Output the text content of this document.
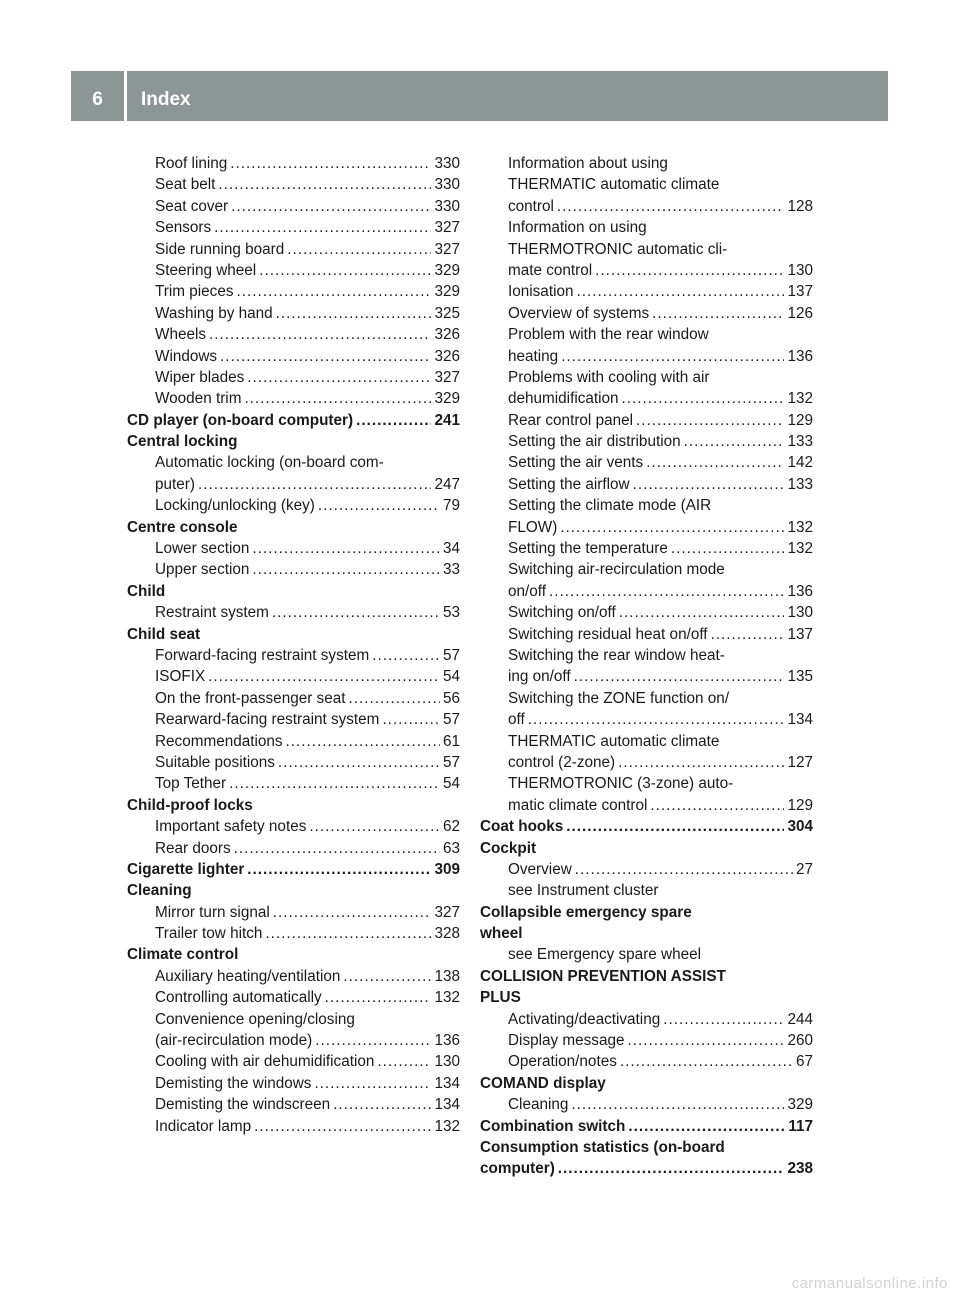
6	Index
Roof lining .....	330
Seat belt .....	330
Seat cover .....	330
Sensors .....	327
Side running board .....	327
Steering wheel .....	329
Trim pieces .....	329
Washing by hand .....	325
Wheels .....	326
Windows .....	326
Wiper blades .....	327
Wooden trim .....	329
CD player (on-board computer) .....	241
Central locking
Automatic locking (on-board com-
puter) .....	247
Locking/unlocking (key) .....	79
Centre console
Lower section .....	34
Upper section .....	33
Child
Restraint system .....	53
Child seat
Forward-facing restraint system .....	57
ISOFIX .....	54
On the front-passenger seat .....	56
Rearward-facing restraint system .....	57
Recommendations .....	61
Suitable positions .....	57
Top Tether .....	54
Child-proof locks
Important safety notes .....	62
Rear doors .....	63
Cigarette lighter .....	309
Cleaning
Mirror turn signal .....	327
Trailer tow hitch .....	328
Climate control
Auxiliary heating/ventilation .....	138
Controlling automatically .....	132
Convenience opening/closing
(air-recirculation mode) .....	136
Cooling with air dehumidification .....	130
Demisting the windows .....	134
Demisting the windscreen .....	134
Indicator lamp .....	132
Information about using
THERMATIC automatic climate
control .....	128
Information on using
THERMOTRONIC automatic cli-
mate control .....	130
Ionisation .....	137
Overview of systems .....	126
Problem with the rear window
heating .....	136
Problems with cooling with air
dehumidification .....	132
Rear control panel .....	129
Setting the air distribution .....	133
Setting the air vents .....	142
Setting the airflow .....	133
Setting the climate mode (AIR
FLOW) .....	132
Setting the temperature .....	132
Switching air-recirculation mode
on/off .....	136
Switching on/off .....	130
Switching residual heat on/off .....	137
Switching the rear window heat-
ing on/off .....	135
Switching the ZONE function on/
off .....	134
THERMATIC automatic climate
control (2-zone) .....	127
THERMOTRONIC (3-zone) auto-
matic climate control .....	129
Coat hooks .....	304
Cockpit
Overview .....	27
see Instrument cluster
Collapsible emergency spare
wheel
see Emergency spare wheel
COLLISION PREVENTION ASSIST
PLUS
Activating/deactivating .....	244
Display message .....	260
Operation/notes .....	67
COMAND display
Cleaning .....	329
Combination switch .....	117
Consumption statistics (on-board
computer) .....	238
carmanualsonline.info
